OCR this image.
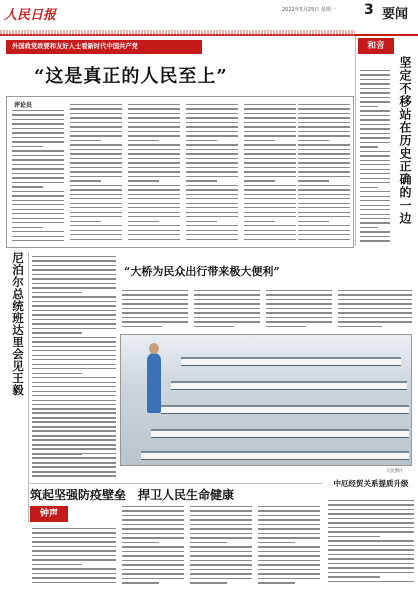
人民日报	2022年5月25日 星期一 3 要闻
外国政党政要和友好人士看新时代中国共产党
“这是真正的人民至上”
评论员
和音
坚定不移站在历史正确的一边
尼泊尔总统班达里会见王毅	“大桥为民众出行带来极大便利”
人民图片
中厄经贸关系提质升级
筑起坚强防疫壁垒　捍卫人民生命健康
钟声
